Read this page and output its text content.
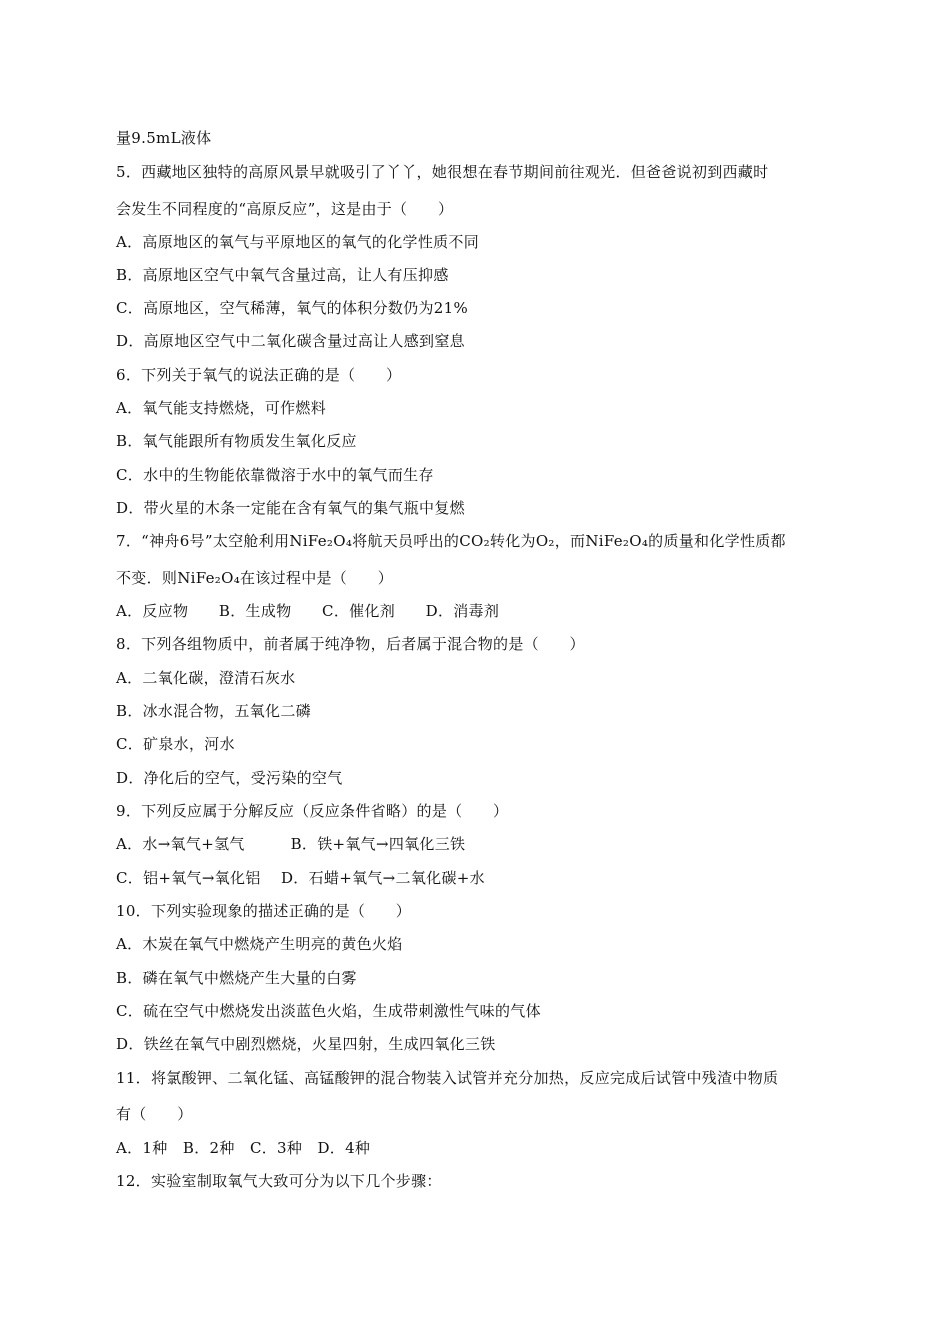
量9.5mL液体
5．西藏地区独特的高原风景早就吸引了丫丫，她很想在春节期间前往观光．但爸爸说初到西藏时
会发生不同程度的“高原反应”，这是由于（　　）
A．高原地区的氧气与平原地区的氧气的化学性质不同
B．高原地区空气中氧气含量过高，让人有压抑感
C．高原地区，空气稀薄，氧气的体积分数仍为21%
D．高原地区空气中二氧化碳含量过高让人感到窒息
6．下列关于氧气的说法正确的是（　　）
A．氧气能支持燃烧，可作燃料
B．氧气能跟所有物质发生氧化反应
C．水中的生物能依靠微溶于水中的氧气而生存
D．带火星的木条一定能在含有氧气的集气瓶中复燃
7．“神舟6号”太空舱利用NiFe₂O₄将航天员呼出的CO₂转化为O₂，而NiFe₂O₄的质量和化学性质都
不变．则NiFe₂O₄在该过程中是（　　）
A．反应物　　B．生成物　　C．催化剂　　D．消毒剂
8．下列各组物质中，前者属于纯净物，后者属于混合物的是（　　）
A．二氧化碳，澄清石灰水
B．冰水混合物，五氧化二磷
C．矿泉水，河水
D．净化后的空气，受污染的空气
9．下列反应属于分解反应（反应条件省略）的是（　　）
A．水→氧气+氢气　　　B．铁+氧气→四氧化三铁
C．铝+氧气→氧化铝　 D．石蜡+氧气→二氧化碳+水
10．下列实验现象的描述正确的是（　　）
A．木炭在氧气中燃烧产生明亮的黄色火焰
B．磷在氧气中燃烧产生大量的白雾
C．硫在空气中燃烧发出淡蓝色火焰，生成带刺激性气味的气体
D．铁丝在氧气中剧烈燃烧，火星四射，生成四氧化三铁
11．将氯酸钾、二氧化锰、高锰酸钾的混合物装入试管并充分加热，反应完成后试管中残渣中物质
有（　　）
A．1种　B．2种　C．3种　D．4种
12．实验室制取氧气大致可分为以下几个步骤：
